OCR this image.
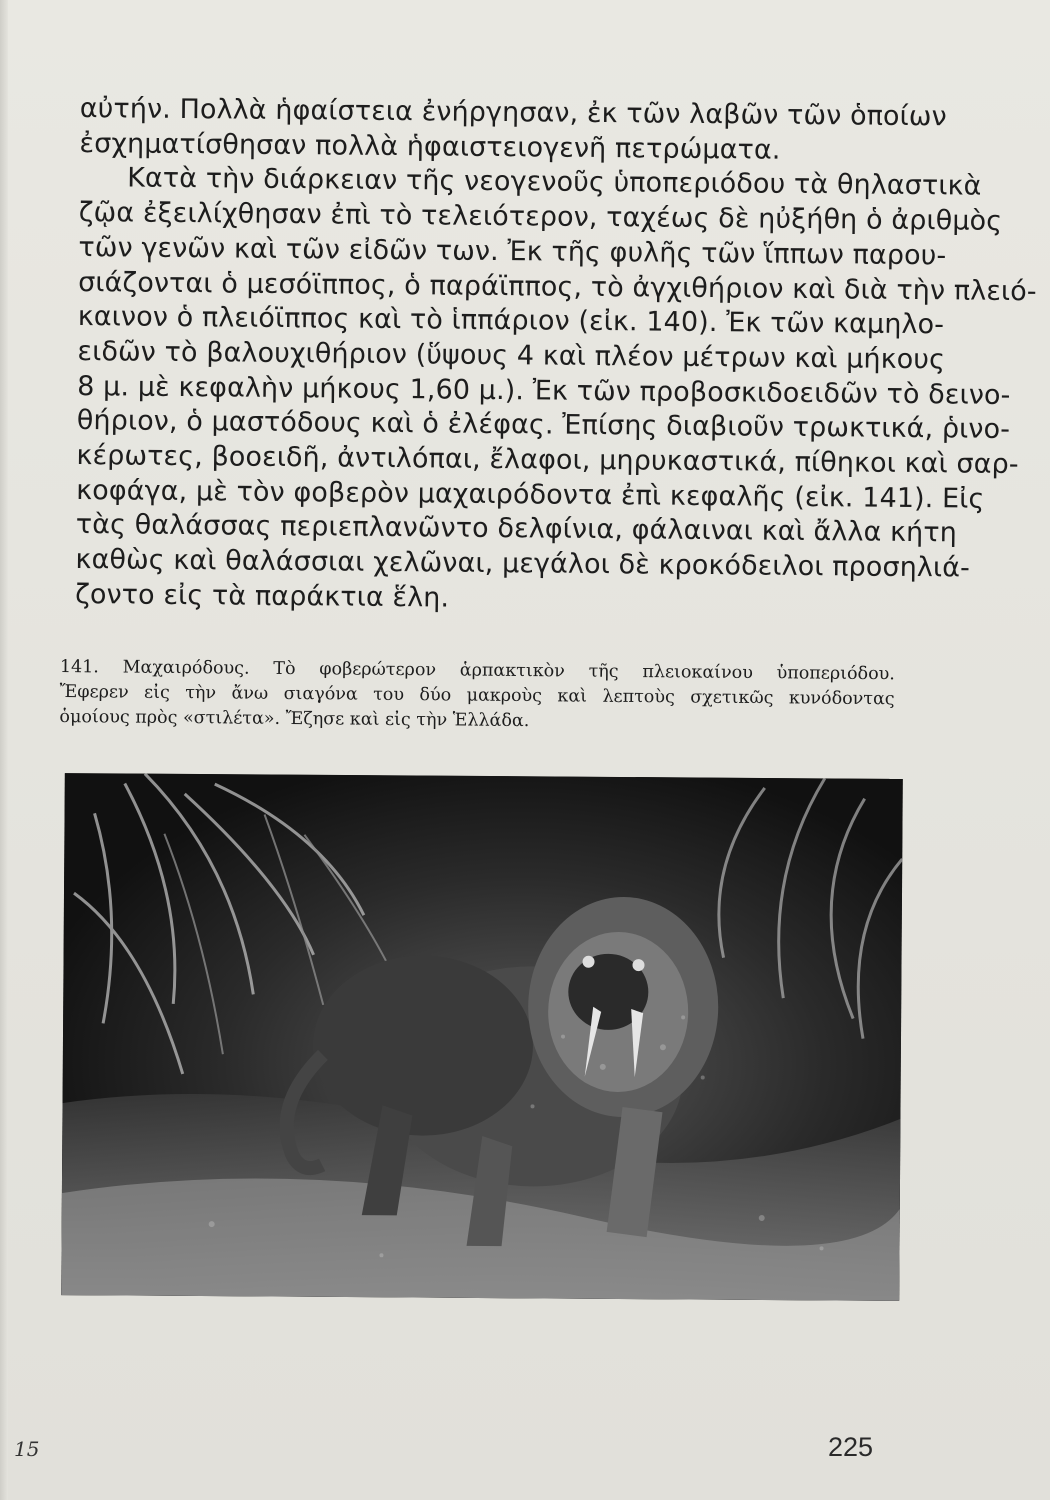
αὐτήν. Πολλὰ ἡφαίστεια ἐνήργησαν, ἐκ τῶν λαβῶν τῶν ὁποίων
ἐσχηματίσθησαν πολλὰ ἡφαιστειογενῆ πετρώματα.
Κατὰ τὴν διάρκειαν τῆς νεογενοῦς ὑποπεριόδου τὰ θηλαστικὰ
ζῷα ἐξειλίχθησαν ἐπὶ τὸ τελειότερον, ταχέως δὲ ηὐξήθη ὁ ἀριθμὸς
τῶν γενῶν καὶ τῶν εἰδῶν των. Ἐκ τῆς φυλῆς τῶν ἵππων παρου-
σιάζονται ὁ μεσόϊππος, ὁ παράϊππος, τὸ ἀγχιθήριον καὶ διὰ τὴν πλειό-
καινον ὁ πλειόϊππος καὶ τὸ ἱππάριον (εἰκ. 140). Ἐκ τῶν καμηλο-
ειδῶν τὸ βαλουχιθήριον (ὕψους 4 καὶ πλέον μέτρων καὶ μήκους
8 μ. μὲ κεφαλὴν μήκους 1,60 μ.). Ἐκ τῶν προβοσκιδοειδῶν τὸ δεινο-
θήριον, ὁ μαστόδους καὶ ὁ ἐλέφας. Ἐπίσης διαβιοῦν τρωκτικά, ῥινο-
κέρωτες, βοοειδῆ, ἀντιλόπαι, ἔλαφοι, μηρυκαστικά, πίθηκοι καὶ σαρ-
κοφάγα, μὲ τὸν φοβερὸν μαχαιρόδοντα ἐπὶ κεφαλῆς (εἰκ. 141). Εἰς
τὰς θαλάσσας περιεπλανῶντο δελφίνια, φάλαιναι καὶ ἄλλα κήτη
καθὼς καὶ θαλάσσιαι χελῶναι, μεγάλοι δὲ κροκόδειλοι προσηλιά-
ζοντο εἰς τὰ παράκτια ἕλη.
141. Μαχαιρόδους. Τὸ φοβερώτερον ἁρπακτικὸν τῆς πλειοκαίνου ὑποπεριόδου.
Ἔφερεν εἰς τὴν ἄνω σιαγόνα του δύο μακροὺς καὶ λεπτοὺς σχετικῶς κυνόδοντας
ὁμοίους πρὸς «στιλέτα». Ἔζησε καὶ εἰς τὴν Ἑλλάδα.
15	225
